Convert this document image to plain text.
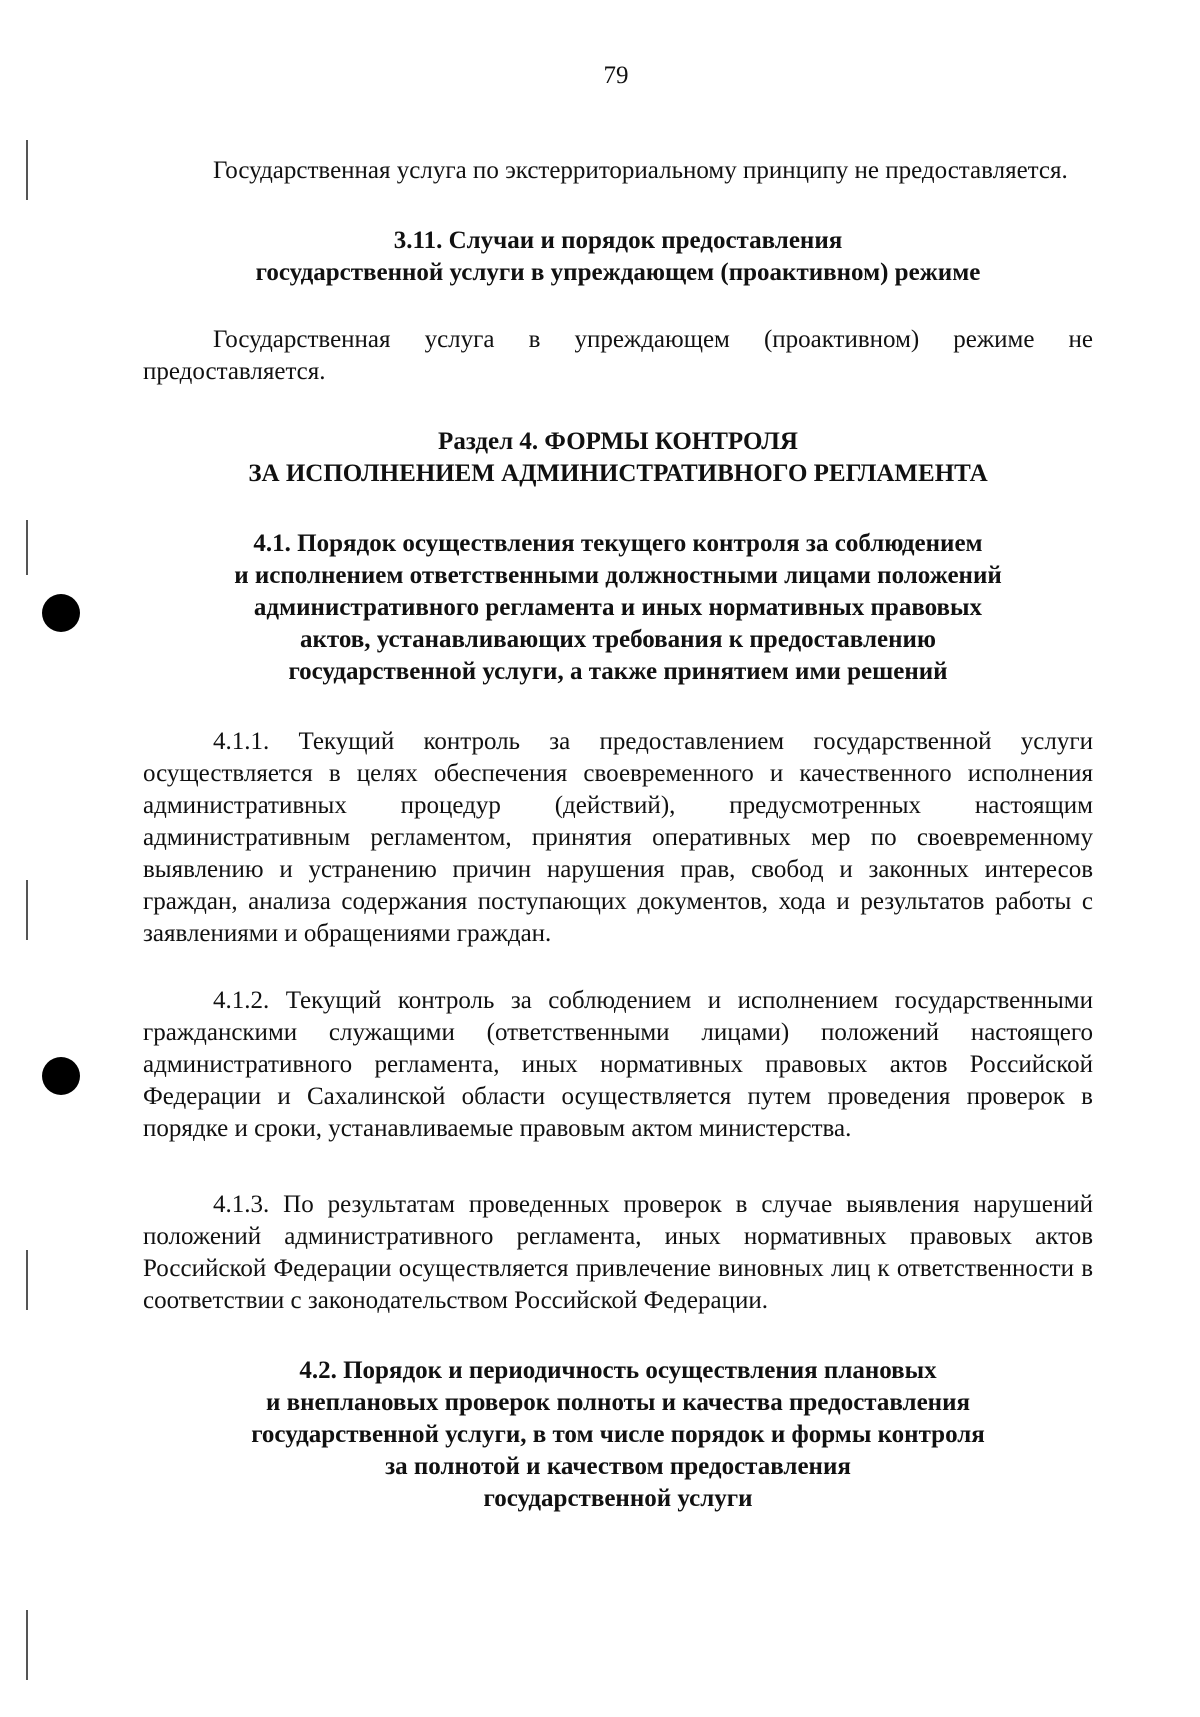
79

Государственная услуга по экстерриториальному принципу не предоставляется.

3.11. Случаи и порядок предоставления
государственной услуги в упреждающем (проактивном) режиме

Государственная услуга в упреждающем (проактивном) режиме не предоставляется.

Раздел 4. ФОРМЫ КОНТРОЛЯ
ЗА ИСПОЛНЕНИЕМ АДМИНИСТРАТИВНОГО РЕГЛАМЕНТА
4.1. Порядок осуществления текущего контроля за соблюдением
и исполнением ответственными должностными лицами положений
административного регламента и иных нормативных правовых
актов, устанавливающих требования к предоставлению
государственной услуги, а также принятием ими решений

4.1.1. Текущий контроль за предоставлением государственной услуги осуществляется в целях обеспечения своевременного и качественного исполнения административных процедур (действий), предусмотренных настоящим административным регламентом, принятия оперативных мер по своевременному выявлению и устранению причин нарушения прав, свобод и законных интересов граждан, анализа содержания поступающих документов, хода и результатов работы с заявлениями и обращениями граждан.

4.1.2. Текущий контроль за соблюдением и исполнением государственными гражданскими служащими (ответственными лицами) положений настоящего административного регламента, иных нормативных правовых актов Российской Федерации и Сахалинской области осуществляется путем проведения проверок в порядке и сроки, устанавливаемые правовым актом министерства.

4.1.3. По результатам проведенных проверок в случае выявления нарушений положений административного регламента, иных нормативных правовых актов Российской Федерации осуществляется привлечение виновных лиц к ответственности в соответствии с законодательством Российской Федерации.

4.2. Порядок и периодичность осуществления плановых
и внеплановых проверок полноты и качества предоставления
государственной услуги, в том числе порядок и формы контроля
за полнотой и качеством предоставления
государственной услуги
